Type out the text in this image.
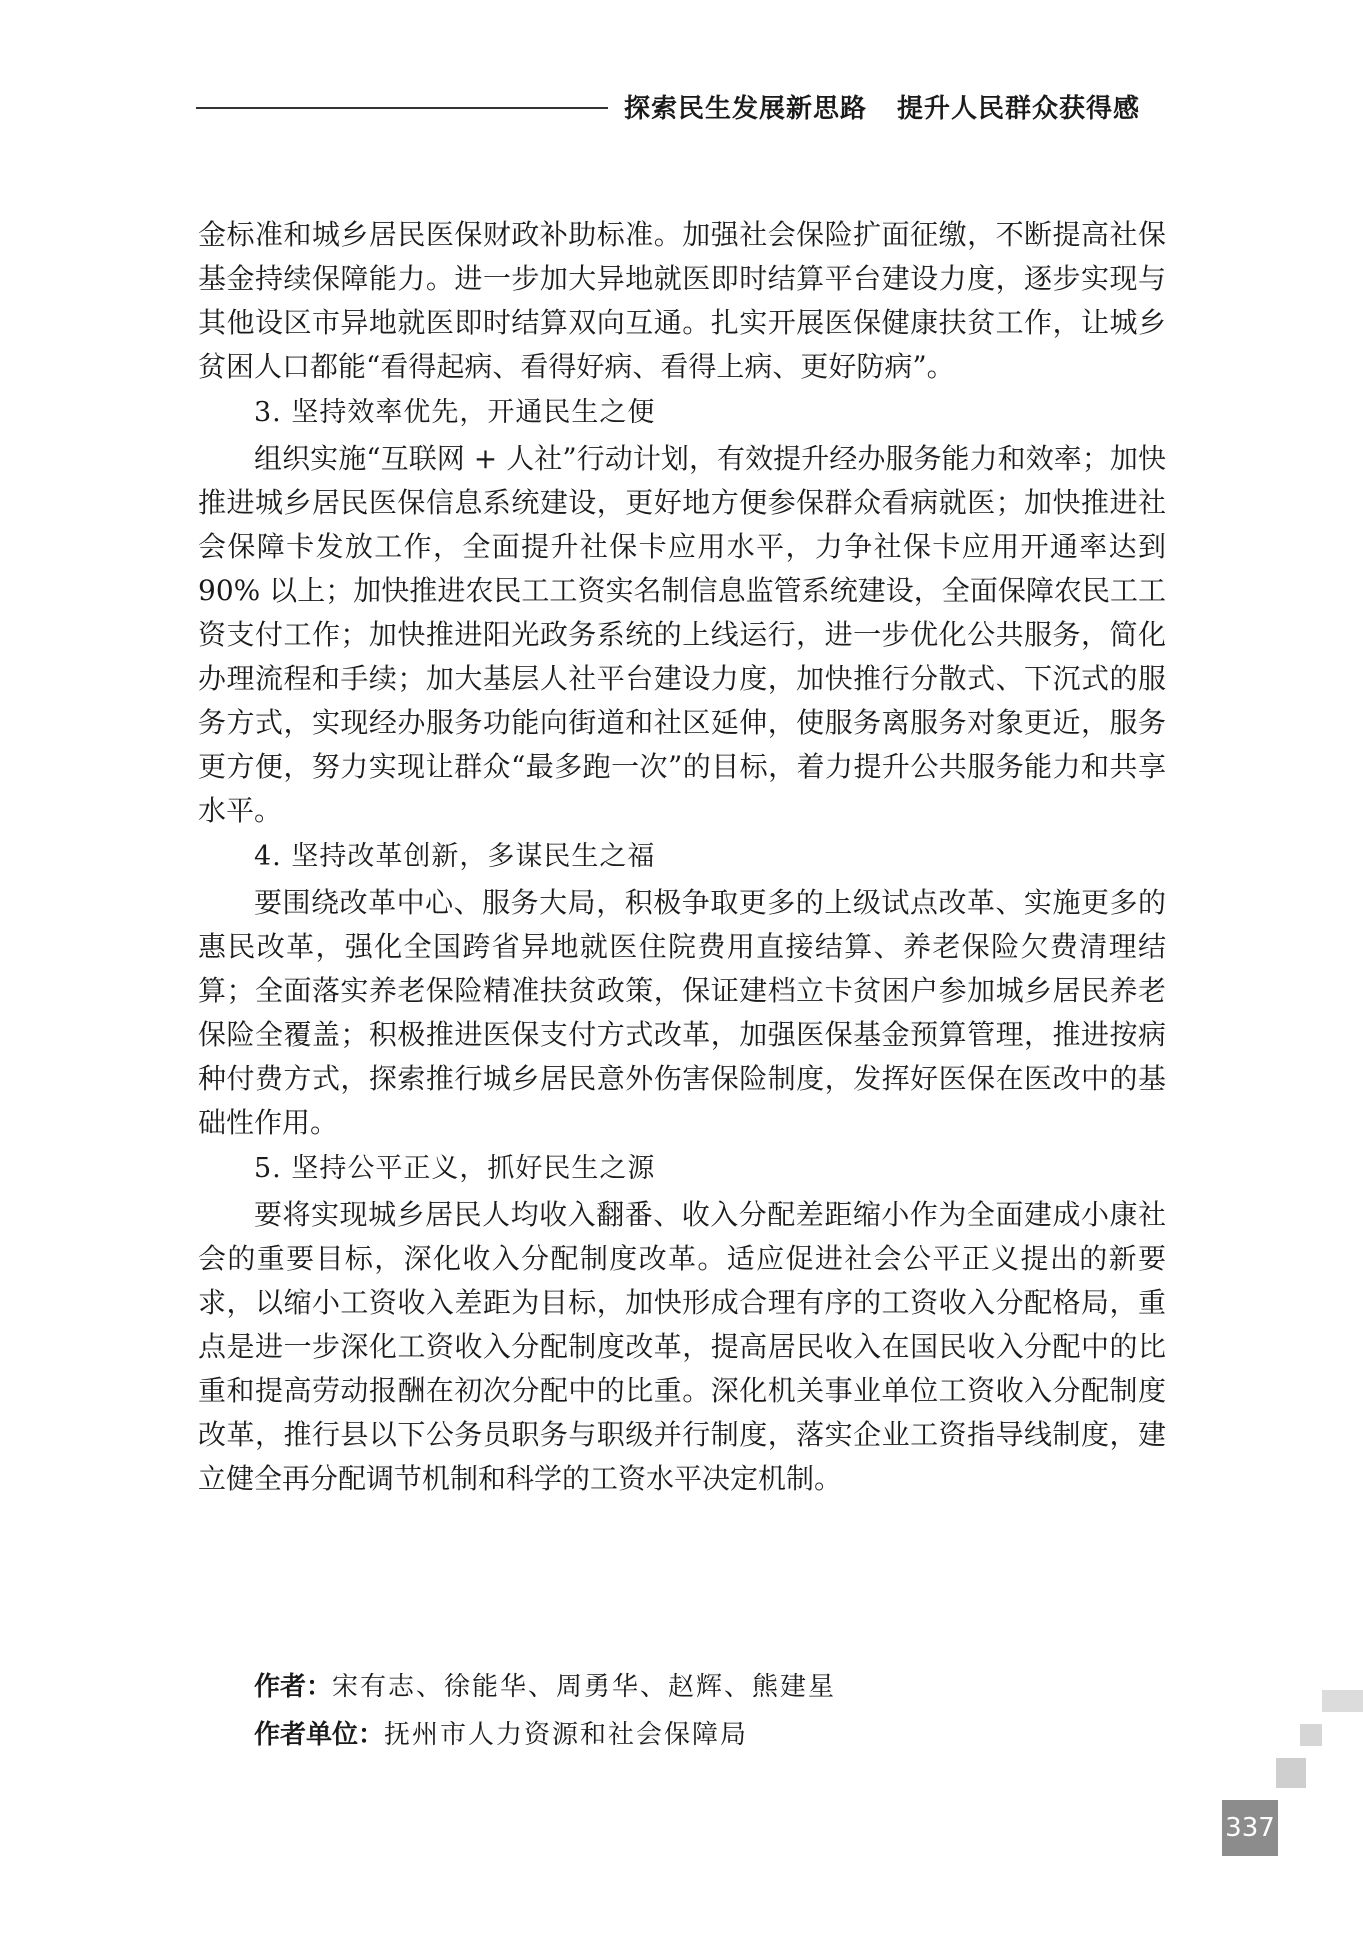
探索民生发展新思路 提升人民群众获得感

金标准和城乡居民医保财政补助标准。加强社会保险扩面征缴，不断提高社保基金持续保障能力。进一步加大异地就医即时结算平台建设力度，逐步实现与其他设区市异地就医即时结算双向互通。扎实开展医保健康扶贫工作，让城乡贫困人口都能“看得起病、看得好病、看得上病、更好防病”。

3. 坚持效率优先，开通民生之便

组织实施“互联网 + 人社”行动计划，有效提升经办服务能力和效率；加快推进城乡居民医保信息系统建设，更好地方便参保群众看病就医；加快推进社会保障卡发放工作，全面提升社保卡应用水平，力争社保卡应用开通率达到 90% 以上；加快推进农民工工资实名制信息监管系统建设，全面保障农民工工资支付工作；加快推进阳光政务系统的上线运行，进一步优化公共服务，简化办理流程和手续；加大基层人社平台建设力度，加快推行分散式、下沉式的服务方式，实现经办服务功能向街道和社区延伸，使服务离服务对象更近，服务更方便，努力实现让群众“最多跑一次”的目标，着力提升公共服务能力和共享水平。

4. 坚持改革创新，多谋民生之福

要围绕改革中心、服务大局，积极争取更多的上级试点改革、实施更多的惠民改革，强化全国跨省异地就医住院费用直接结算、养老保险欠费清理结算；全面落实养老保险精准扶贫政策，保证建档立卡贫困户参加城乡居民养老保险全覆盖；积极推进医保支付方式改革，加强医保基金预算管理，推进按病种付费方式，探索推行城乡居民意外伤害保险制度，发挥好医保在医改中的基础性作用。

5. 坚持公平正义，抓好民生之源

要将实现城乡居民人均收入翻番、收入分配差距缩小作为全面建成小康社会的重要目标，深化收入分配制度改革。适应促进社会公平正义提出的新要求，以缩小工资收入差距为目标，加快形成合理有序的工资收入分配格局，重点是进一步深化工资收入分配制度改革，提高居民收入在国民收入分配中的比重和提高劳动报酬在初次分配中的比重。深化机关事业单位工资收入分配制度改革，推行县以下公务员职务与职级并行制度，落实企业工资指导线制度，建立健全再分配调节机制和科学的工资水平决定机制。

作者：宋有志、徐能华、周勇华、赵辉、熊建星
作者单位：抚州市人力资源和社会保障局
337
